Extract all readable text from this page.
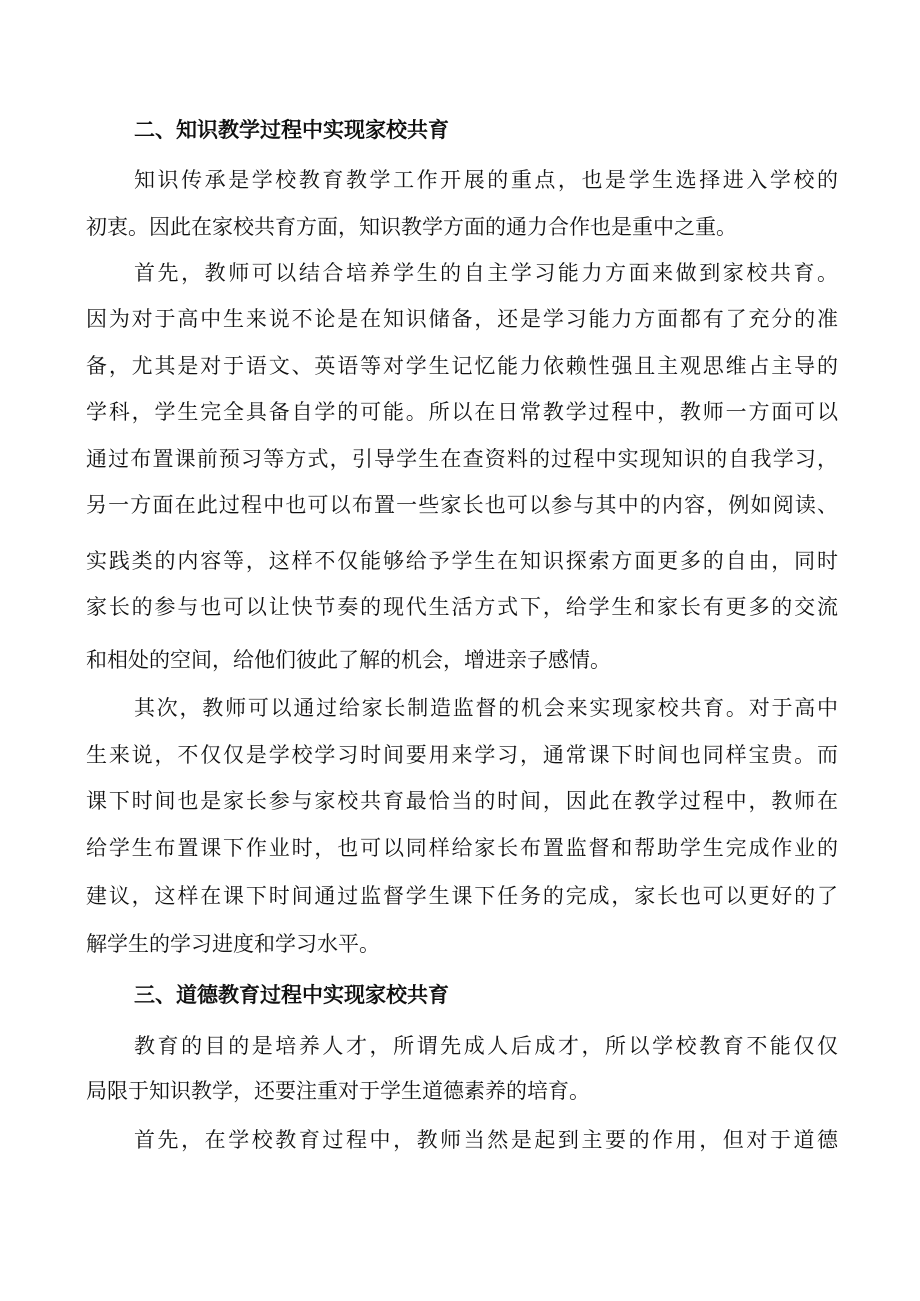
二、知识教学过程中实现家校共育
知识传承是学校教育教学工作开展的重点，也是学生选择进入学校的
初衷。因此在家校共育方面，知识教学方面的通力合作也是重中之重。
首先，教师可以结合培养学生的自主学习能力方面来做到家校共育。
因为对于高中生来说不论是在知识储备，还是学习能力方面都有了充分的准
备，尤其是对于语文、英语等对学生记忆能力依赖性强且主观思维占主导的
学科，学生完全具备自学的可能。所以在日常教学过程中，教师一方面可以
通过布置课前预习等方式，引导学生在查资料的过程中实现知识的自我学习，
另一方面在此过程中也可以布置一些家长也可以参与其中的内容，例如阅读、
实践类的内容等，这样不仅能够给予学生在知识探索方面更多的自由，同时
家长的参与也可以让快节奏的现代生活方式下，给学生和家长有更多的交流
和相处的空间，给他们彼此了解的机会，增进亲子感情。
其次，教师可以通过给家长制造监督的机会来实现家校共育。对于高中
生来说，不仅仅是学校学习时间要用来学习，通常课下时间也同样宝贵。而
课下时间也是家长参与家校共育最恰当的时间，因此在教学过程中，教师在
给学生布置课下作业时，也可以同样给家长布置监督和帮助学生完成作业的
建议，这样在课下时间通过监督学生课下任务的完成，家长也可以更好的了
解学生的学习进度和学习水平。
三、道德教育过程中实现家校共育
教育的目的是培养人才，所谓先成人后成才，所以学校教育不能仅仅
局限于知识教学，还要注重对于学生道德素养的培育。
首先，在学校教育过程中，教师当然是起到主要的作用，但对于道德
